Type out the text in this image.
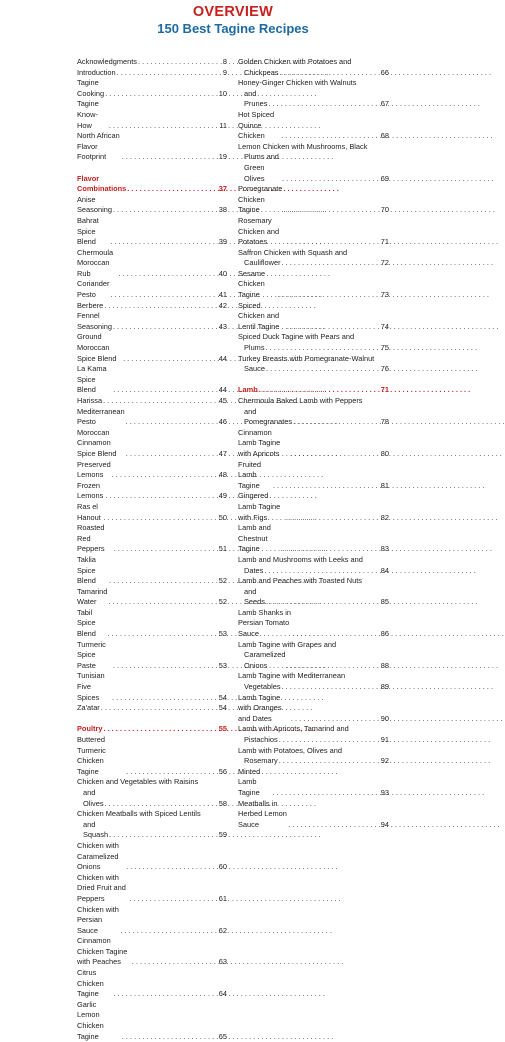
OVERVIEW
150 Best Tagine Recipes
Acknowledgments . . .	8
Introduction . . .	9
Tagine Cooking . . .	10
Tagine Know-How . . .	11
North African Flavor Footprint . . .	19
Flavor Combinations . . .	37
Anise Seasoning . . .	38
Bahrat Spice Blend . . .	39
Chermoula Moroccan Rub . . .	40
Coriander Pesto . . .	41
Berbere . . .	42
Fennel Seasoning . . .	43
Ground Moroccan Spice Blend . . .	44
La Kama Spice Blend . . .	44
Harissa . . .	45
Mediterranean Pesto . . .	46
Moroccan Cinnamon Spice Blend . . .	47
Preserved Lemons . . .	48
Frozen Lemons . . .	49
Ras el Hanout . . .	50
Roasted Red Peppers . . .	51
Taklia Spice Blend . . .	52
Tamarind Water . . .	52
Tabil Spice Blend . . .	53
Turmeric Spice Paste . . .	53
Tunisian Five Spices . . .	54
Za'atar . . .	54
Poultry . . .	55
Buttered Turmeric Chicken Tagine . . .	56
Chicken and Vegetables with Raisins
and Olives . . .	58
Chicken Meatballs with Spiced Lentils
and Squash . . .	59
Chicken with Caramelized Onions . . .	60
Chicken with Dried Fruit and Peppers . . .	61
Chicken with Persian Sauce . . .	62
Cinnamon Chicken Tagine with Peaches . . .	63
Citrus Chicken Tagine . . .	64
Garlic Lemon Chicken Tagine . . .	65
Golden Chicken with Potatoes and
Chickpeas . . .	66
Honey-Ginger Chicken with Walnuts
and Prunes . . .	67
Hot Spiced Quince Chicken . . .	68
Lemon Chicken with Mushrooms, Black
Plums and Green Olives . . .	69
Pomegranate Chicken Tagine . . .	70
Rosemary Chicken and Potatoes . . .	71
Saffron Chicken with Squash and
Cauliflower . . .	72
Sesame Chicken Tagine . . .	73
Spiced Chicken and Lentil Tagine . . .	74
Spiced Duck Tagine with Pears and
Plums . . .	75
Turkey Breasts with Pomegranate-Walnut
Sauce . . .	76
Lamb . . .	71
Chermoula Baked Lamb with Peppers
and Pomegranates . . .	78
Cinnamon Lamb Tagine with Apricots . . .	80
Fruited Lamb Tagine . . .	81
Gingered Lamb Tagine with Figs . . .	82
Lamb and Chestnut Tagine . . .	83
Lamb and Mushrooms with Leeks and
Dates . . .	84
Lamb and Peaches with Toasted Nuts
and Seeds . . .	85
Lamb Shanks in Persian Tomato Sauce . . .	86
Lamb Tagine with Grapes and
Caramelized Onions . . .	88
Lamb Tagine with Mediterranean
Vegetables . . .	89
Lamb Tagine with Oranges and Dates . . .	90
Lamb with Apricots, Tamarind and
Pistachios . . .	91
Lamb with Potatoes, Olives and
Rosemary . . .	92
Minted Lamb Tagine . . .	93
Meatballs in Herbed Lemon Sauce . . .	94
